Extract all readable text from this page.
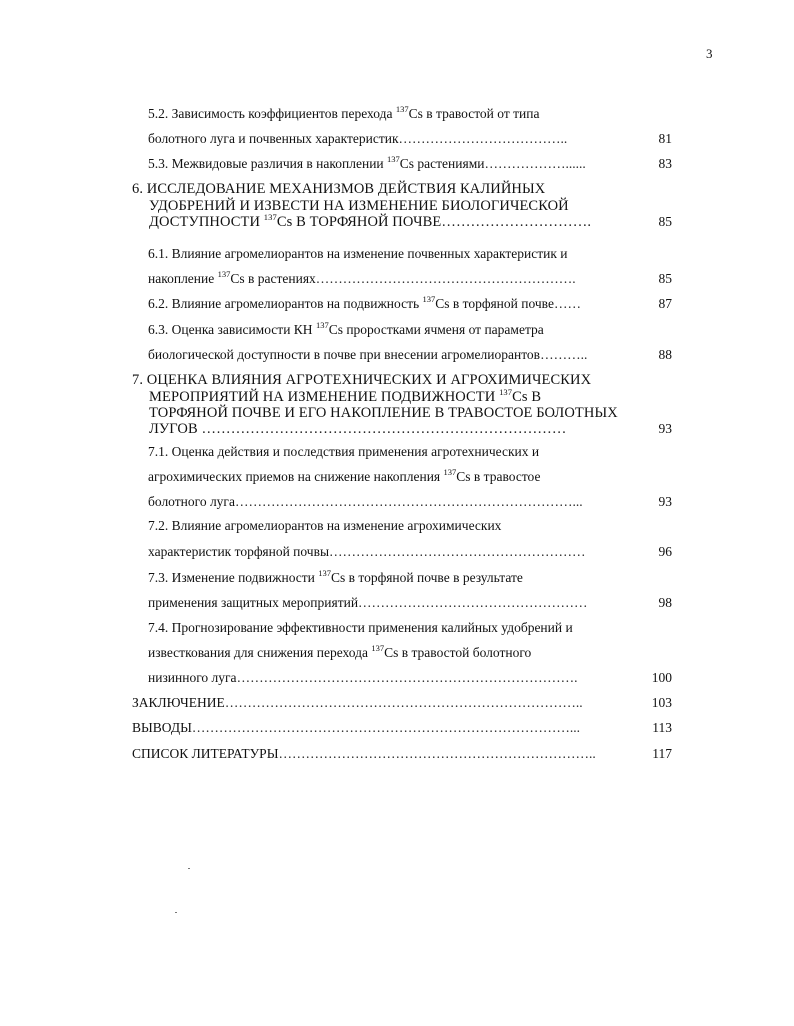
3
5.2. Зависимость коэффициентов перехода $^{137}$Cs в травостой от типа
болотного луга и почвенных характеристик………………………………..	81
5.3. Межвидовые различия в накоплении $^{137}$Cs растениями………………......	83
6. ИССЛЕДОВАНИЕ МЕХАНИЗМОВ ДЕЙСТВИЯ КАЛИЙНЫХ
УДОБРЕНИЙ И ИЗВЕСТИ НА ИЗМЕНЕНИЕ БИОЛОГИЧЕСКОЙ
ДОСТУПНОСТИ $^{137}$Cs В ТОРФЯНОЙ ПОЧВЕ………………………….	85
6.1. Влияние агромелиорантов на изменение почвенных характеристик и
накопление $^{137}$Cs в растениях………………………………………………….	85
6.2. Влияние агромелиорантов на подвижность $^{137}$Cs в торфяной почве……	87
6.3. Оценка зависимости КН $^{137}$Cs проростками ячменя от параметра
биологической доступности в почве при внесении агромелиорантов………..	88
7. ОЦЕНКА ВЛИЯНИЯ АГРОТЕХНИЧЕСКИХ И АГРОХИМИЧЕСКИХ
МЕРОПРИЯТИЙ НА ИЗМЕНЕНИЕ ПОДВИЖНОСТИ $^{137}$Cs В
ТОРФЯНОЙ ПОЧВЕ И ЕГО НАКОПЛЕНИЕ В ТРАВОСТОЕ БОЛОТНЫХ
ЛУГОВ …………………………………………………………………	93
7.1. Оценка действия и последствия применения агротехнических и
агрохимических приемов на снижение накопления $^{137}$Cs в травостое
болотного луга…………………………………………………………………...	93
7.2. Влияние агромелиорантов на изменение агрохимических
характеристик торфяной почвы…………………………………………………	96
7.3. Изменение подвижности $^{137}$Cs в торфяной почве в результате
применения защитных мероприятий……………………………………………	98
7.4. Прогнозирование эффективности применения калийных удобрений и
известкования для снижения перехода $^{137}$Cs в травостой болотного
низинного луга………………………………………………………………….	100
ЗАКЛЮЧЕНИЕ……………………………………………………………………..	103
ВЫВОДЫ…………………………………………………………………………...	113
СПИСОК ЛИТЕРАТУРЫ……………………………………………………………..	117
